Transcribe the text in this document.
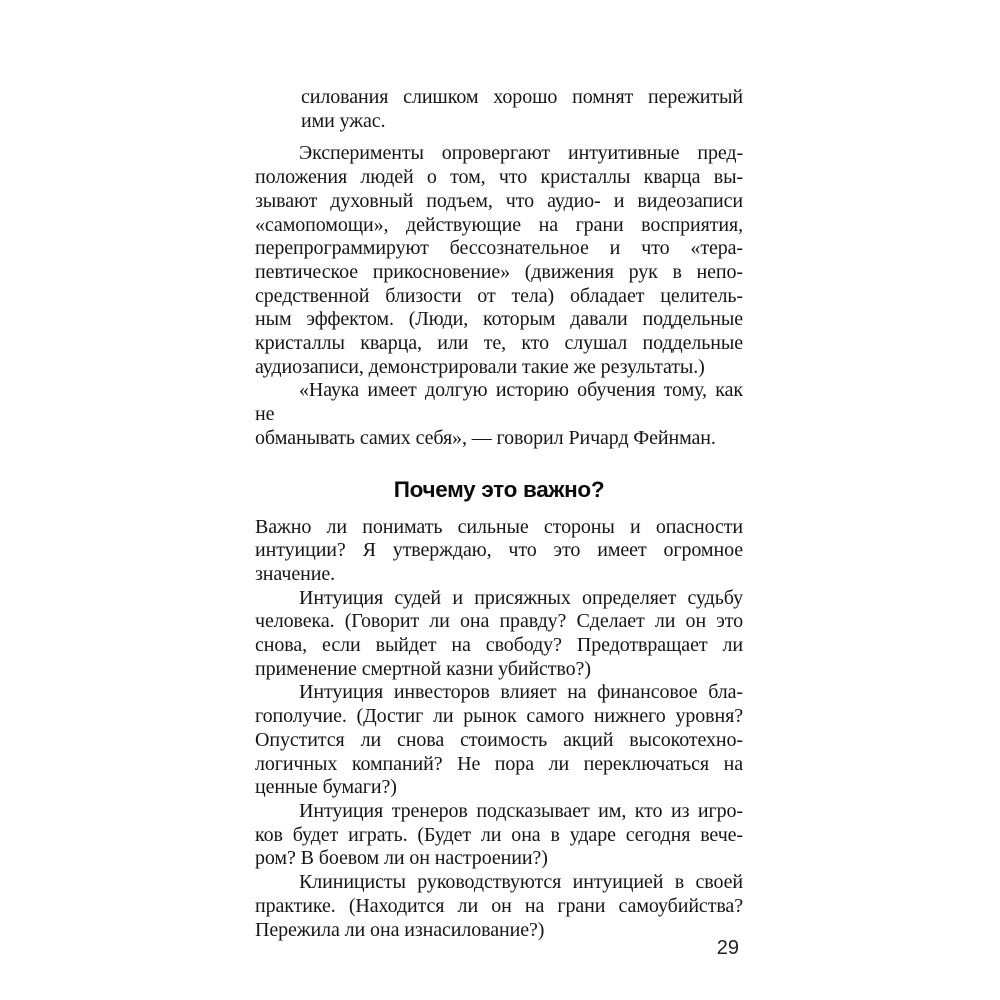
силования слишком хорошо помнят пережитый
ими ужас.
Эксперименты опровергают интуитивные пред-
положения людей о том, что кристаллы кварца вы-
зывают духовный подъем, что аудио- и видеозаписи
«самопомощи», действующие на грани восприятия,
перепрограммируют бессознательное и что «тера-
певтическое прикосновение» (движения рук в непо-
средственной близости от тела) обладает целитель-
ным эффектом. (Люди, которым давали поддельные
кристаллы кварца, или те, кто слушал поддельные
аудиозаписи, демонстрировали такие же результаты.)
«Наука имеет долгую историю обучения тому, как не
обманывать самих себя», — говорил Ричард Фейнман.
Почему это важно?
Важно ли понимать сильные стороны и опасности
интуиции? Я утверждаю, что это имеет огромное
значение.
Интуиция судей и присяжных определяет судьбу
человека. (Говорит ли она правду? Сделает ли он это
снова, если выйдет на свободу? Предотвращает ли
применение смертной казни убийство?)
Интуиция инвесторов влияет на финансовое бла-
гополучие. (Достиг ли рынок самого нижнего уровня?
Опустится ли снова стоимость акций высокотехно-
логичных компаний? Не пора ли переключаться на
ценные бумаги?)
Интуиция тренеров подсказывает им, кто из игро-
ков будет играть. (Будет ли она в ударе сегодня вече-
ром? В боевом ли он настроении?)
Клиницисты руководствуются интуицией в своей
практике. (Находится ли он на грани самоубийства?
Пережила ли она изнасилование?)
29
